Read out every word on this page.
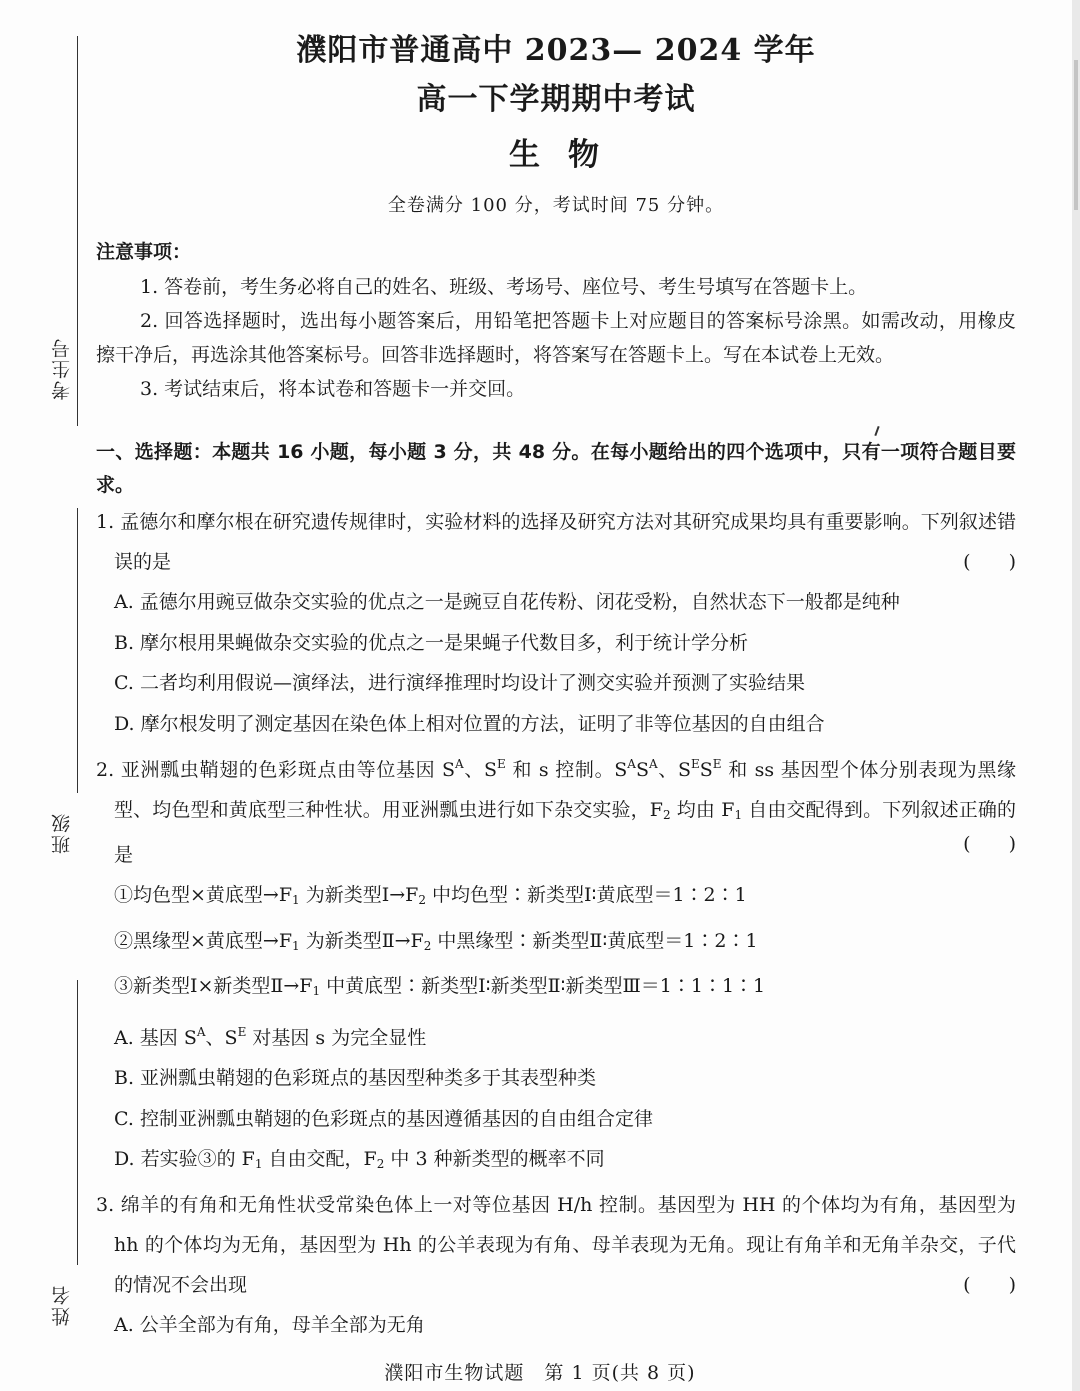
考生号
班级
姓名
濮阳市普通高中 2023— 2024 学年
高一下学期期中考试
生物
全卷满分 100 分，考试时间 75 分钟。
注意事项：
1. 答卷前，考生务必将自己的姓名、班级、考场号、座位号、考生号填写在答题卡上。
2. 回答选择题时，选出每小题答案后，用铅笔把答题卡上对应题目的答案标号涂黑。如需改动，用橡皮擦干净后，再选涂其他答案标号。回答非选择题时，将答案写在答题卡上。写在本试卷上无效。
3. 考试结束后，将本试卷和答题卡一并交回。
一、选择题：本题共 16 小题，每小题 3 分，共 48 分。在每小题给出的四个选项中，只有一项符合题目要求。
1. 孟德尔和摩尔根在研究遗传规律时，实验材料的选择及研究方法对其研究成果均具有重要影响。下列叙述错误的是	(　　)
A. 孟德尔用豌豆做杂交实验的优点之一是豌豆自花传粉、闭花受粉，自然状态下一般都是纯种
B. 摩尔根用果蝇做杂交实验的优点之一是果蝇子代数目多，利于统计学分析
C. 二者均利用假说—演绎法，进行演绎推理时均设计了测交实验并预测了实验结果
D. 摩尔根发明了测定基因在染色体上相对位置的方法，证明了非等位基因的自由组合
2. 亚洲瓢虫鞘翅的色彩斑点由等位基因 $S^A$、$S^E$ 和 s 控制。$S^AS^A$、$S^ES^E$ 和 ss 基因型个体分别表现为黑缘型、均色型和黄底型三种性状。用亚洲瓢虫进行如下杂交实验，$F_2$ 均由 $F_1$ 自由交配得到。下列叙述正确的是	(　　)
①均色型×黄底型$\to F_1$ 为新类型$Ⅰ\to F_2$ 中均色型∶新类型Ⅰ∶黄底型＝1∶2∶1
②黑缘型×黄底型$\to F_1$ 为新类型$Ⅱ\to F_2$ 中黑缘型∶新类型Ⅱ∶黄底型＝1∶2∶1
③新类型Ⅰ×新类型$Ⅱ\to F_1$ 中黄底型∶新类型Ⅰ∶新类型Ⅱ∶新类型Ⅲ＝1∶1∶1∶1
A. 基因 $S^A$、$S^E$ 对基因 s 为完全显性
B. 亚洲瓢虫鞘翅的色彩斑点的基因型种类多于其表型种类
C. 控制亚洲瓢虫鞘翅的色彩斑点的基因遵循基因的自由组合定律
D. 若实验③的 $F_1$ 自由交配，$F_2$ 中 3 种新类型的概率不同
3. 绵羊的有角和无角性状受常染色体上一对等位基因 H/h 控制。基因型为 HH 的个体均为有角，基因型为 hh 的个体均为无角，基因型为 Hh 的公羊表现为有角、母羊表现为无角。现让有角羊和无角羊杂交，子代的情况不会出现	(　　)
A. 公羊全部为有角，母羊全部为无角
濮阳市生物试题　第 1 页(共 8 页)
